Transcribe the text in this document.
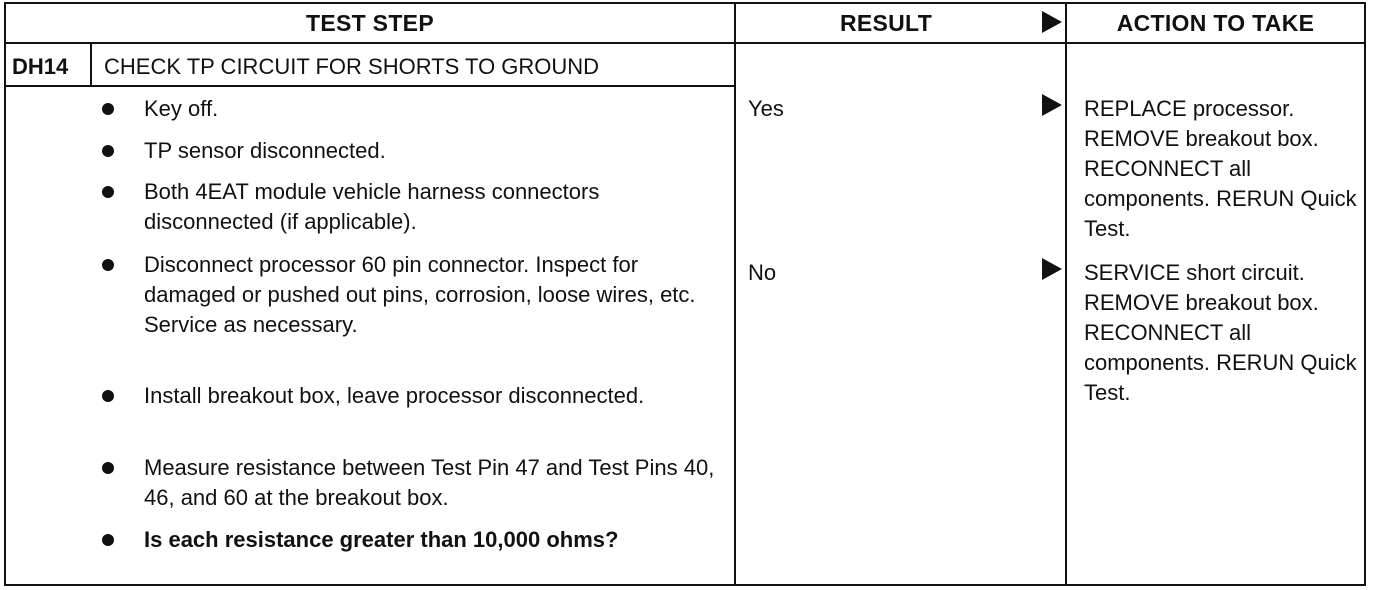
TEST STEP	RESULT	ACTION TO TAKE
DH14 CHECK TP CIRCUIT FOR SHORTS TO GROUND
Key off.
TP sensor disconnected.
Both 4EAT module vehicle harness connectors disconnected (if applicable).
Disconnect processor 60 pin connector. Inspect for damaged or pushed out pins, corrosion, loose wires, etc. Service as necessary.
Install breakout box, leave processor disconnected.
Measure resistance between Test Pin 47 and Test Pins 40, 46, and 60 at the breakout box.
Is each resistance greater than 10,000 ohms?
Yes	REPLACE processor. REMOVE breakout box. RECONNECT all components. RERUN Quick Test.
No	SERVICE short circuit. REMOVE breakout box. RECONNECT all components. RERUN Quick Test.
